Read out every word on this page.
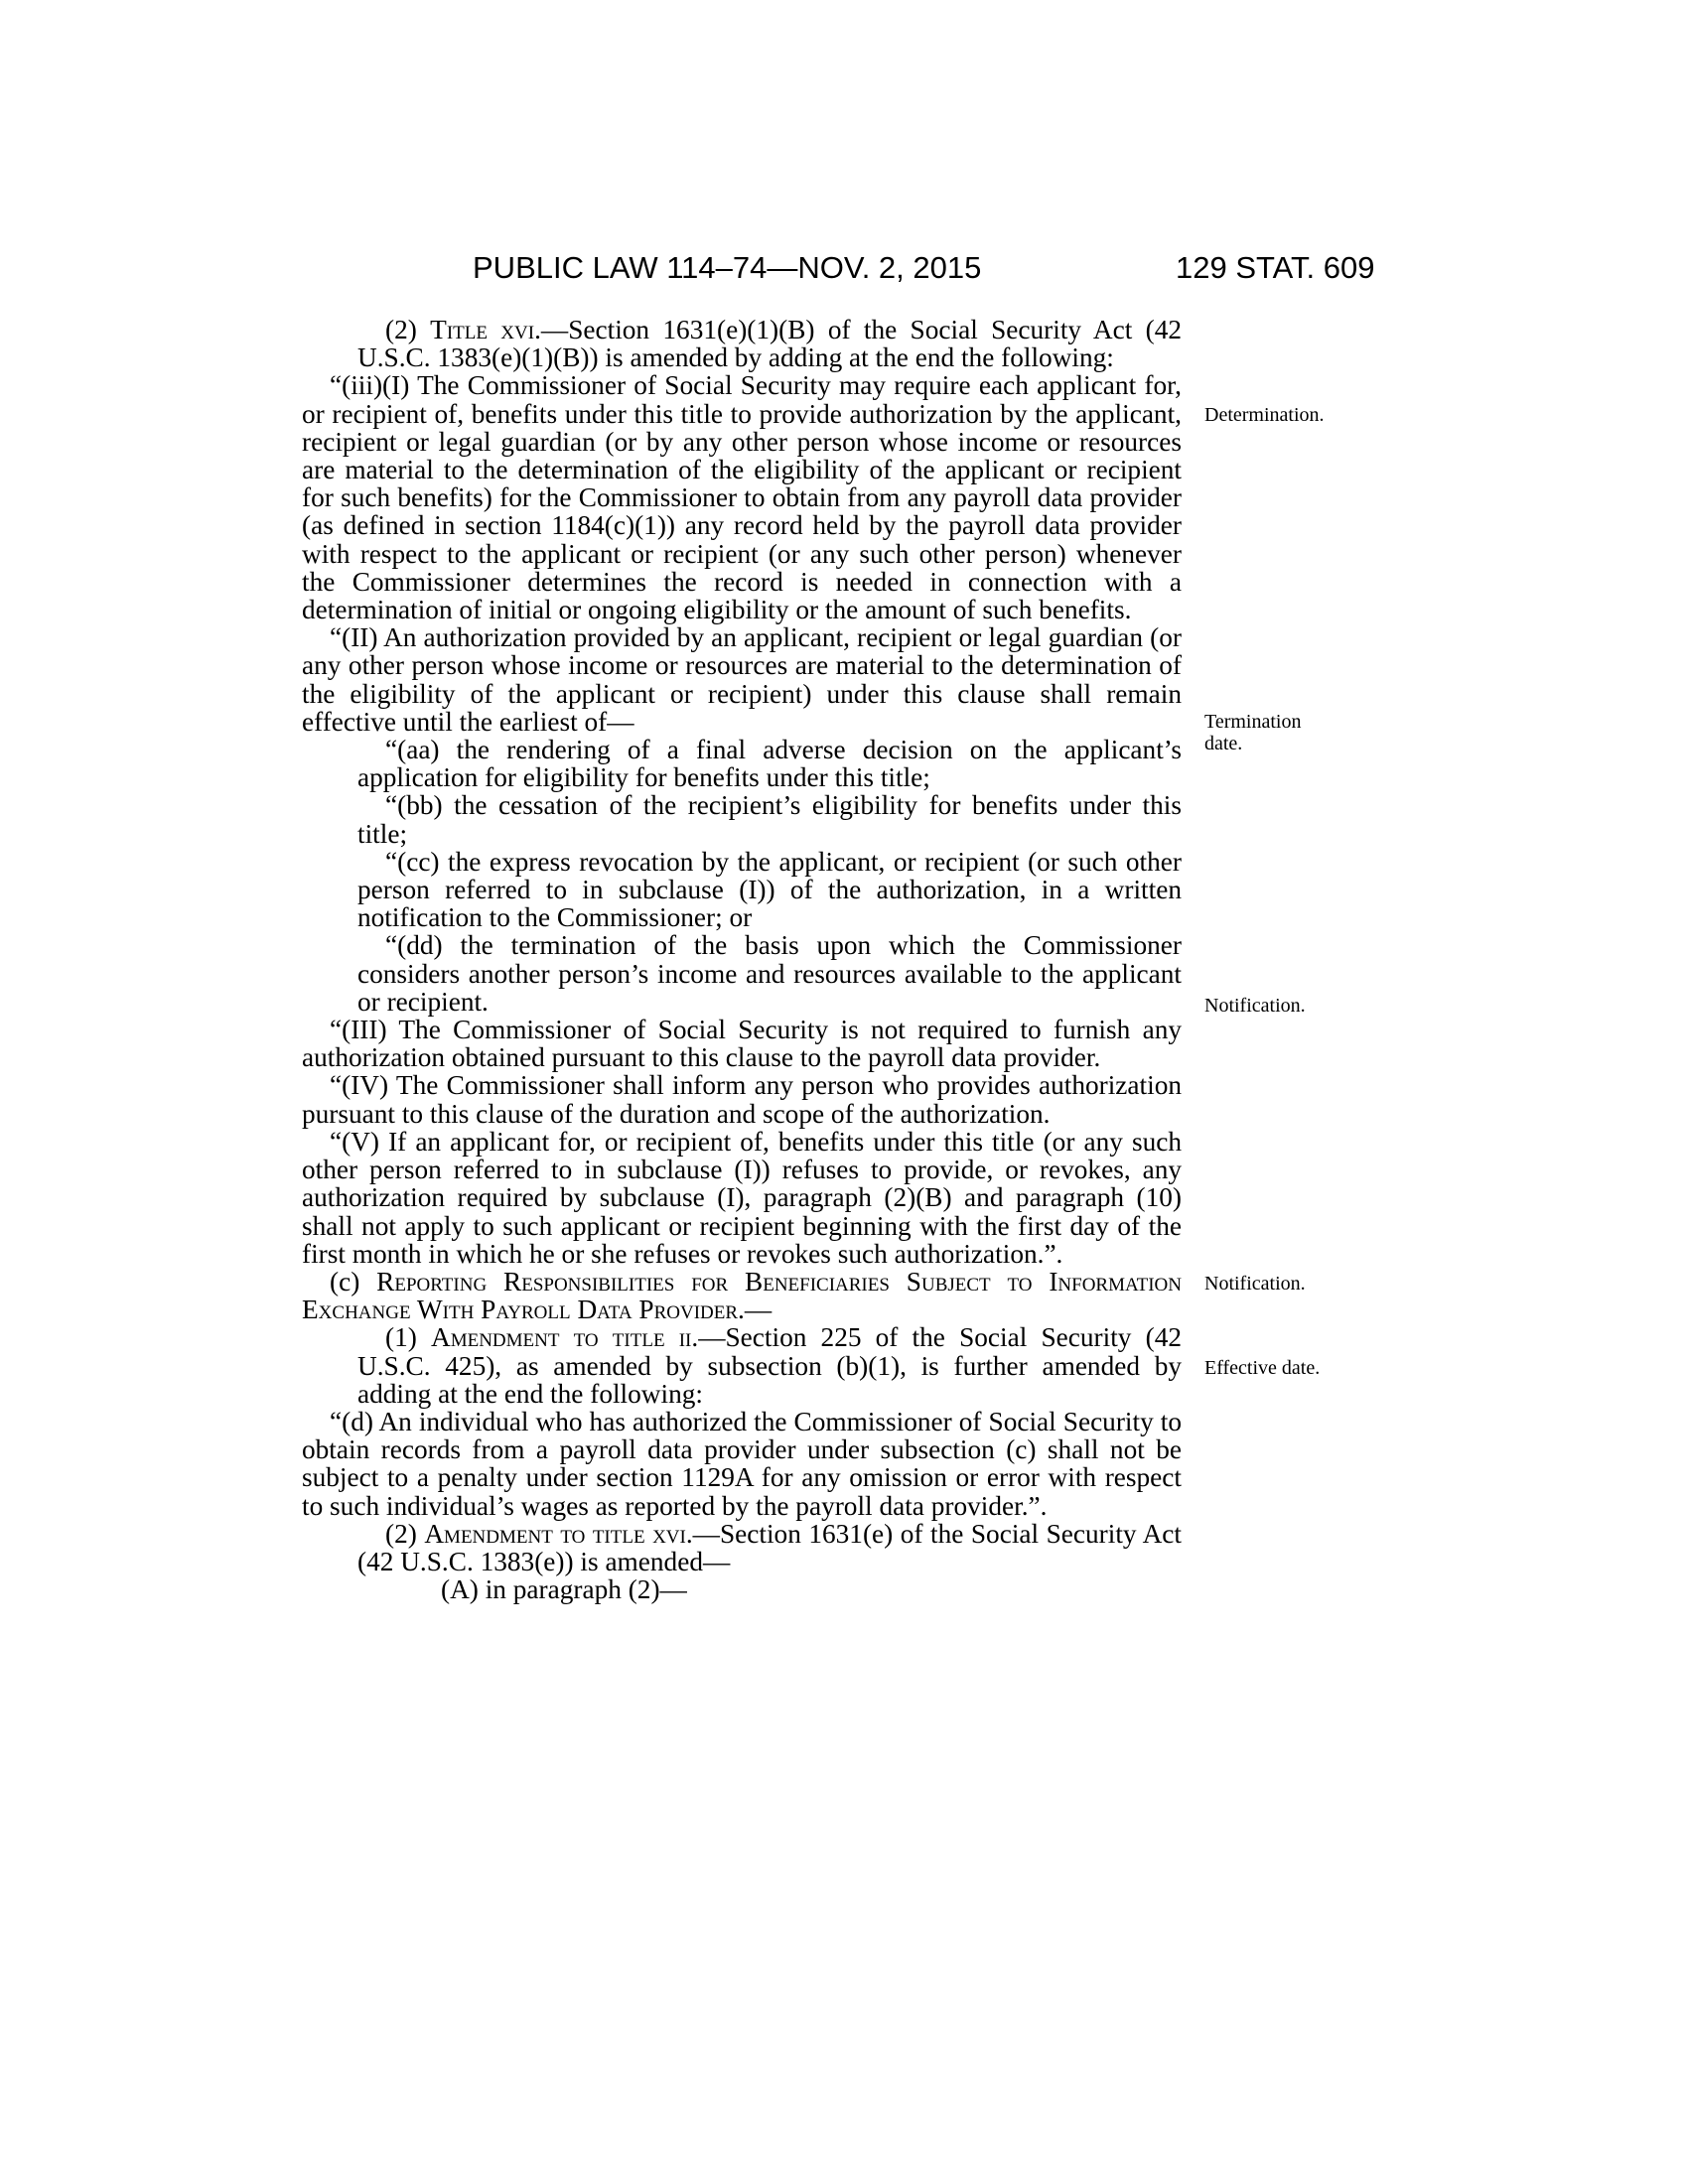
PUBLIC LAW 114–74—NOV. 2, 2015	129 STAT. 609

(2) Title xvi.—Section 1631(e)(1)(B) of the Social Security Act (42 U.S.C. 1383(e)(1)(B)) is amended by adding at the end the following:

“(iii)(I) The Commissioner of Social Security may require each applicant for, or recipient of, benefits under this title to provide authorization by the applicant, recipient or legal guardian (or by any other person whose income or resources are material to the determination of the eligibility of the applicant or recipient for such benefits) for the Commissioner to obtain from any payroll data provider (as defined in section 1184(c)(1)) any record held by the payroll data provider with respect to the applicant or recipient (or any such other person) whenever the Commissioner determines the record is needed in connection with a determination of initial or ongoing eligibility or the amount of such benefits.

“(II) An authorization provided by an applicant, recipient or legal guardian (or any other person whose income or resources are material to the determination of the eligibility of the applicant or recipient) under this clause shall remain effective until the earliest of—

“(aa) the rendering of a final adverse decision on the applicant’s application for eligibility for benefits under this title;

“(bb) the cessation of the recipient’s eligibility for benefits under this title;

“(cc) the express revocation by the applicant, or recipient (or such other person referred to in subclause (I)) of the authorization, in a written notification to the Commissioner; or

“(dd) the termination of the basis upon which the Commissioner considers another person’s income and resources available to the applicant or recipient.

“(III) The Commissioner of Social Security is not required to furnish any authorization obtained pursuant to this clause to the payroll data provider.

“(IV) The Commissioner shall inform any person who provides authorization pursuant to this clause of the duration and scope of the authorization.

“(V) If an applicant for, or recipient of, benefits under this title (or any such other person referred to in subclause (I)) refuses to provide, or revokes, any authorization required by subclause (I), paragraph (2)(B) and paragraph (10) shall not apply to such applicant or recipient beginning with the first day of the first month in which he or she refuses or revokes such authorization.”.

(c) Reporting Responsibilities for Beneficiaries Subject to Information Exchange With Payroll Data Provider.—

(1) Amendment to title ii.—Section 225 of the Social Security (42 U.S.C. 425), as amended by subsection (b)(1), is further amended by adding at the end the following:

“(d) An individual who has authorized the Commissioner of Social Security to obtain records from a payroll data provider under subsection (c) shall not be subject to a penalty under section 1129A for any omission or error with respect to such individual’s wages as reported by the payroll data provider.”.

(2) Amendment to title xvi.—Section 1631(e) of the Social Security Act (42 U.S.C. 1383(e)) is amended—

(A) in paragraph (2)—

Determination.
Termination
date.
Notification.
Notification.
Effective date.
